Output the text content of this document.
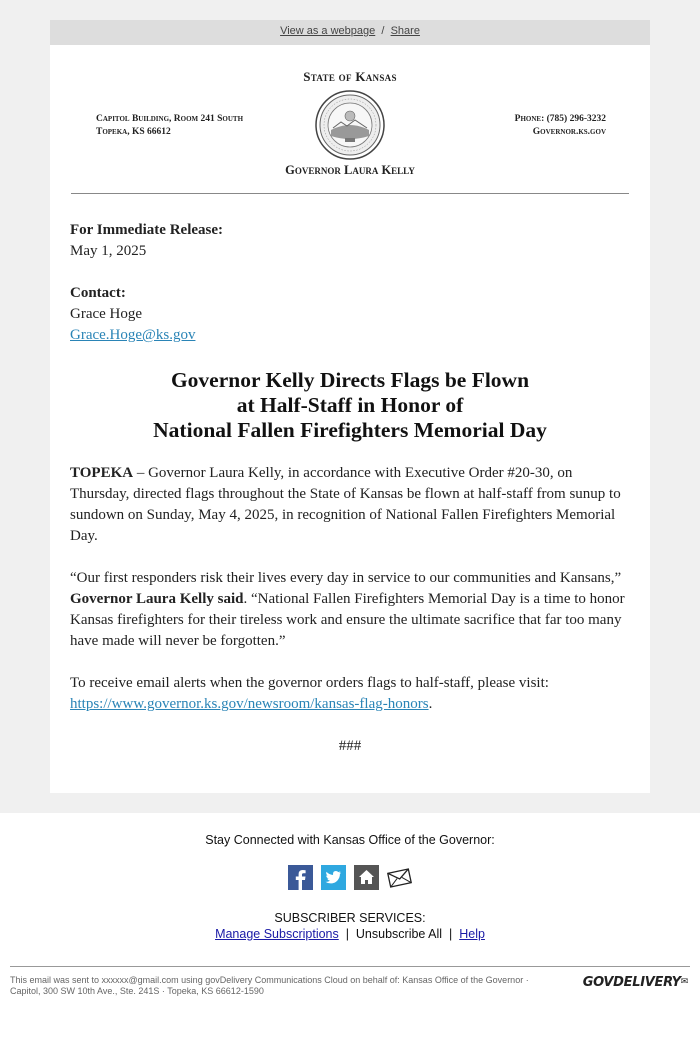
View as a webpage / Share
State of Kansas
Capitol Building, Room 241 South
Topeka, KS 66612
Phone: (785) 296-3232
Governor.ks.gov
Governor Laura Kelly
For Immediate Release:
May 1, 2025
Contact:
Grace Hoge
Grace.Hoge@ks.gov
Governor Kelly Directs Flags be Flown
at Half-Staff in Honor of
National Fallen Firefighters Memorial Day

TOPEKA – Governor Laura Kelly, in accordance with Executive Order #20-30, on Thursday, directed flags throughout the State of Kansas be flown at half-staff from sunup to sundown on Sunday, May 4, 2025, in recognition of National Fallen Firefighters Memorial Day.

“Our first responders risk their lives every day in service to our communities and Kansans,” Governor Laura Kelly said. “National Fallen Firefighters Memorial Day is a time to honor Kansas firefighters for their tireless work and ensure the ultimate sacrifice that far too many have made will never be forgotten.”

To receive email alerts when the governor orders flags to half-staff, please visit:
https://www.governor.ks.gov/newsroom/kansas-flag-honors.

###
Stay Connected with Kansas Office of the Governor:
SUBSCRIBER SERVICES:
Manage Subscriptions | Unsubscribe All | Help
This email was sent to xxxxxx@gmail.com using govDelivery Communications Cloud on behalf of: Kansas Office of the Governor ·
Capitol, 300 SW 10th Ave., Ste. 241S · Topeka, KS 66612-1590
GOVDELIVERY✉
